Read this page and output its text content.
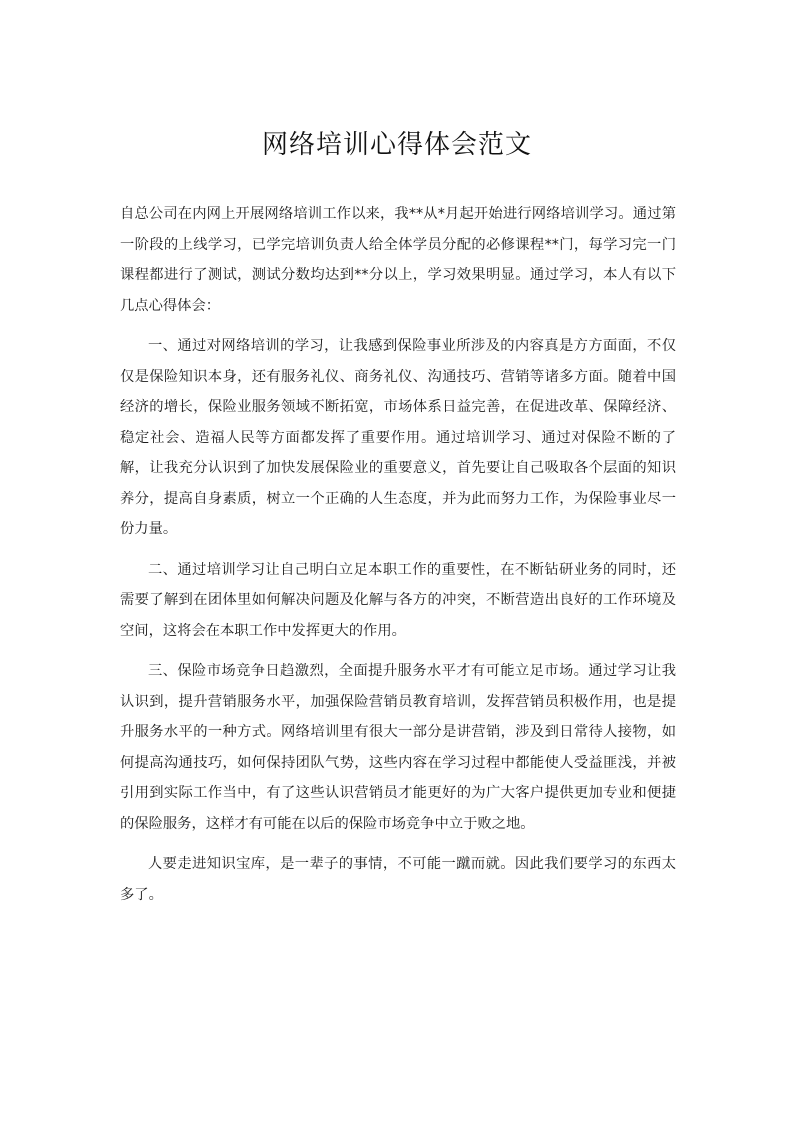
网络培训心得体会范文

自总公司在内网上开展网络培训工作以来，我**从*月起开始进行网络培训学习。通过第一阶段的上线学习，已学完培训负责人给全体学员分配的必修课程**门，每学习完一门课程都进行了测试，测试分数均达到**分以上，学习效果明显。通过学习，本人有以下几点心得体会：

一、通过对网络培训的学习，让我感到保险事业所涉及的内容真是方方面面，不仅仅是保险知识本身，还有服务礼仪、商务礼仪、沟通技巧、营销等诸多方面。随着中国经济的增长，保险业服务领域不断拓宽，市场体系日益完善，在促进改革、保障经济、稳定社会、造福人民等方面都发挥了重要作用。通过培训学习、通过对保险不断的了解，让我充分认识到了加快发展保险业的重要意义，首先要让自己吸取各个层面的知识养分，提高自身素质，树立一个正确的人生态度，并为此而努力工作，为保险事业尽一份力量。

二、通过培训学习让自己明白立足本职工作的重要性，在不断钻研业务的同时，还需要了解到在团体里如何解决问题及化解与各方的冲突，不断营造出良好的工作环境及空间，这将会在本职工作中发挥更大的作用。

三、保险市场竞争日趋激烈，全面提升服务水平才有可能立足市场。通过学习让我认识到，提升营销服务水平，加强保险营销员教育培训，发挥营销员积极作用，也是提升服务水平的一种方式。网络培训里有很大一部分是讲营销，涉及到日常待人接物，如何提高沟通技巧，如何保持团队气势，这些内容在学习过程中都能使人受益匪浅，并被引用到实际工作当中，有了这些认识营销员才能更好的为广大客户提供更加专业和便捷的保险服务，这样才有可能在以后的保险市场竞争中立于败之地。

人要走进知识宝库，是一辈子的事情，不可能一蹴而就。因此我们要学习的东西太多了。
